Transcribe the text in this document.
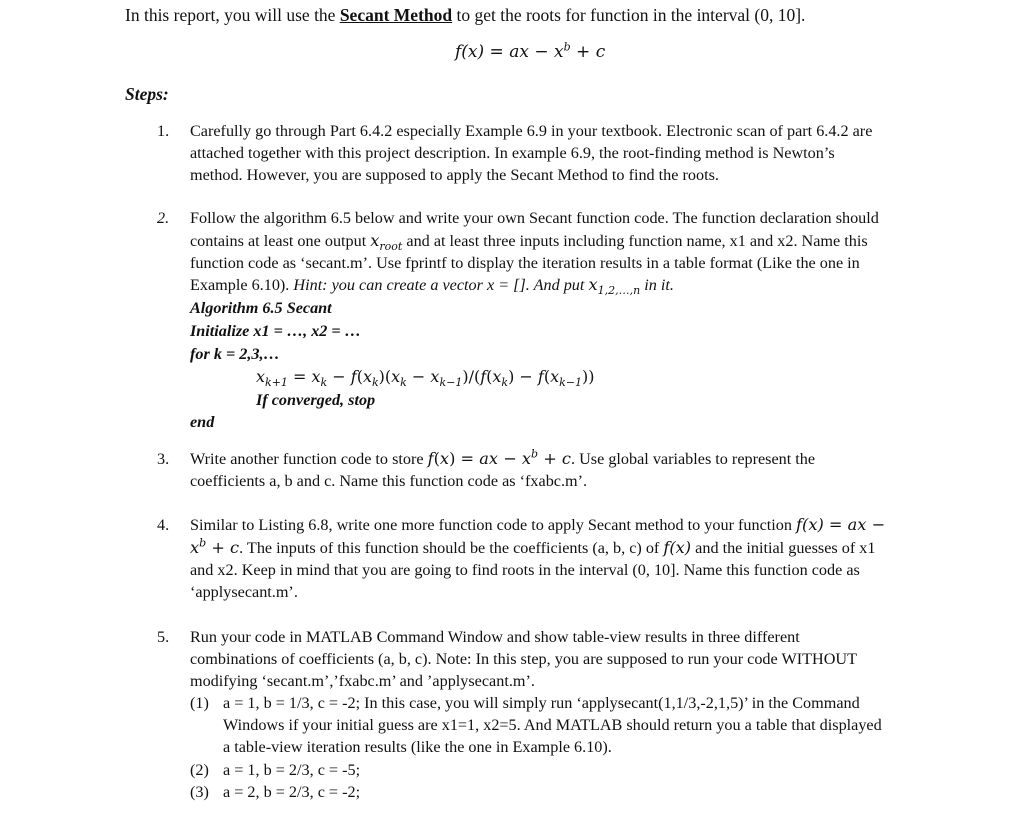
In this report, you will use the Secant Method to get the roots for function in the interval (0, 10].
f(x) = ax − $x^b + c$
Steps:
1. Carefully go through Part 6.4.2 especially Example 6.9 in your textbook. Electronic scan of part 6.4.2 are
attached together with this project description. In example 6.9, the root-finding method is Newton’s
method. However, you are supposed to apply the Secant Method to find the roots.
2. Follow the algorithm 6.5 below and write your own Secant function code. The function declaration should
contains at least one output $x_{root}$ and at least three inputs including function name, x1 and x2. Name this
function code as ‘secant.m’. Use fprintf to display the iteration results in a table format (Like the one in
Example 6.10). Hint: you can create a vector x = []. And put $x_{1,2,\dots,n}$ in it.
Algorithm 6.5 Secant
Initialize x1 = …, x2 = …
for k = 2,3,…
$x_{k+1} = x_k - f(x_k)(x_k - x_{k-1})/(f(x_k) - f(x_{k-1}))$
If converged, stop
end
3. Write another function code to store f(x) = ax − $x^b + c$. Use global variables to represent the
coefficients a, b and c. Name this function code as ‘fxabc.m’.
4. Similar to Listing 6.8, write one more function code to apply Secant method to your function f(x) = ax −
$x^b + c$. The inputs of this function should be the coefficients (a, b, c) of f(x) and the initial guesses of x1
and x2. Keep in mind that you are going to find roots in the interval (0, 10]. Name this function code as
‘applysecant.m’.
5. Run your code in MATLAB Command Window and show table-view results in three different
combinations of coefficients (a, b, c). Note: In this step, you are supposed to run your code WITHOUT
modifying ‘secant.m’,’fxabc.m’ and ’applysecant.m’.
(1) a = 1, b = 1/3, c = -2; In this case, you will simply run ‘applysecant(1,1/3,-2,1,5)’ in the Command
Windows if your initial guess are x1=1, x2=5. And MATLAB should return you a table that displayed
a table-view iteration results (like the one in Example 6.10).
(2) a = 1, b = 2/3, c = -5;
(3) a = 2, b = 2/3, c = -2;
